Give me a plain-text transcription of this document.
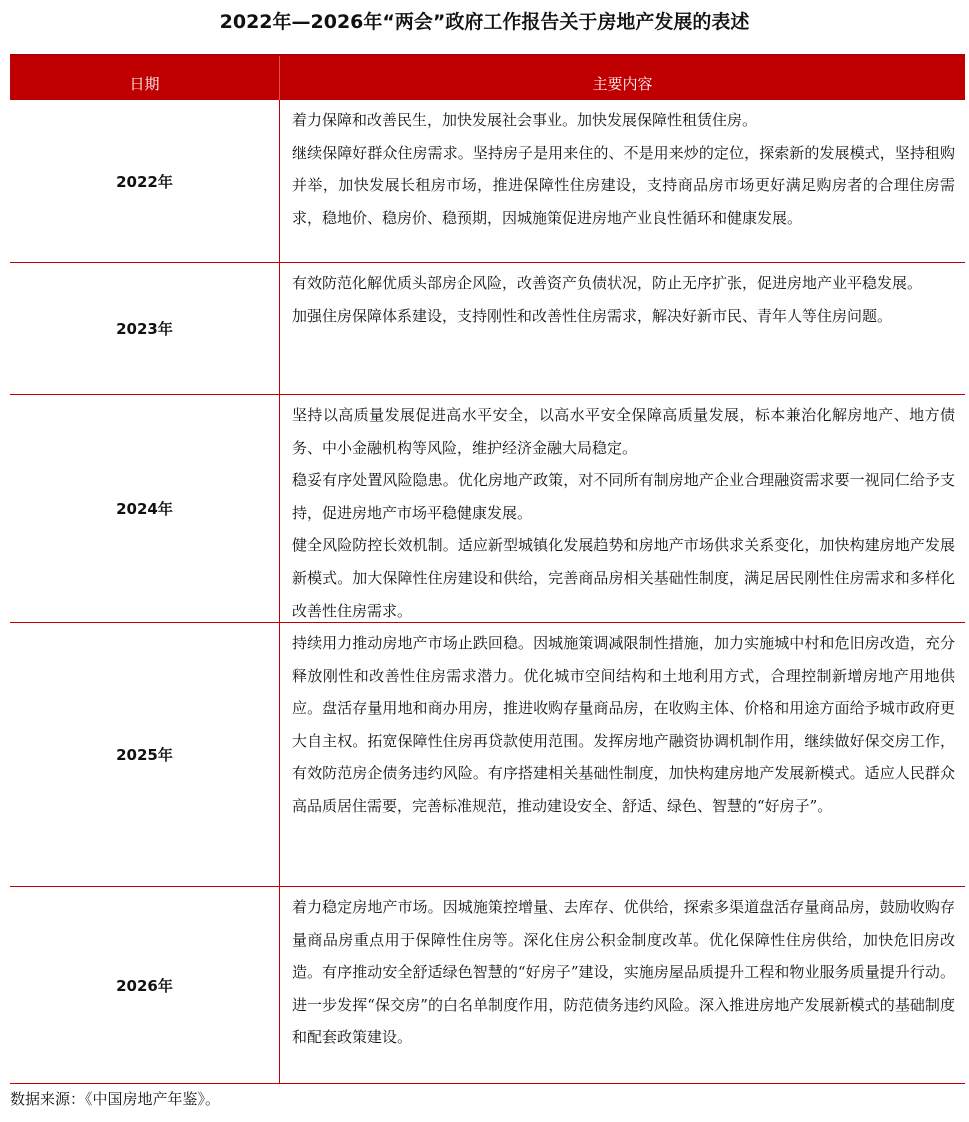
2022年—2026年“两会”政府工作报告关于房地产发展的表述
日期	主要内容
2022年

着力保障和改善民生，加快发展社会事业。加快发展保障性租赁住房。

继续保障好群众住房需求。坚持房子是用来住的、不是用来炒的定位，探索新的发展模式，坚持租购并举，加快发展长租房市场，推进保障性住房建设，支持商品房市场更好满足购房者的合理住房需求，稳地价、稳房价、稳预期，因城施策促进房地产业良性循环和健康发展。

2023年

有效防范化解优质头部房企风险，改善资产负债状况，防止无序扩张，促进房地产业平稳发展。

加强住房保障体系建设，支持刚性和改善性住房需求，解决好新市民、青年人等住房问题。

2024年

坚持以高质量发展促进高水平安全，以高水平安全保障高质量发展，标本兼治化解房地产、地方债务、中小金融机构等风险，维护经济金融大局稳定。

稳妥有序处置风险隐患。优化房地产政策，对不同所有制房地产企业合理融资需求要一视同仁给予支持，促进房地产市场平稳健康发展。

健全风险防控长效机制。适应新型城镇化发展趋势和房地产市场供求关系变化，加快构建房地产发展新模式。加大保障性住房建设和供给，完善商品房相关基础性制度，满足居民刚性住房需求和多样化改善性住房需求。

2025年

持续用力推动房地产市场止跌回稳。因城施策调减限制性措施，加力实施城中村和危旧房改造，充分释放刚性和改善性住房需求潜力。优化城市空间结构和土地利用方式，合理控制新增房地产用地供应。盘活存量用地和商办用房，推进收购存量商品房，在收购主体、价格和用途方面给予城市政府更大自主权。拓宽保障性住房再贷款使用范围。发挥房地产融资协调机制作用，继续做好保交房工作，有效防范房企债务违约风险。有序搭建相关基础性制度，加快构建房地产发展新模式。适应人民群众高品质居住需要，完善标准规范，推动建设安全、舒适、绿色、智慧的“好房子”。

2026年

着力稳定房地产市场。因城施策控增量、去库存、优供给，探索多渠道盘活存量商品房，鼓励收购存量商品房重点用于保障性住房等。深化住房公积金制度改革。优化保障性住房供给，加快危旧房改造。有序推动安全舒适绿色智慧的“好房子”建设，实施房屋品质提升工程和物业服务质量提升行动。进一步发挥“保交房”的白名单制度作用，防范债务违约风险。深入推进房地产发展新模式的基础制度和配套政策建设。

数据来源：《中国房地产年鉴》。
